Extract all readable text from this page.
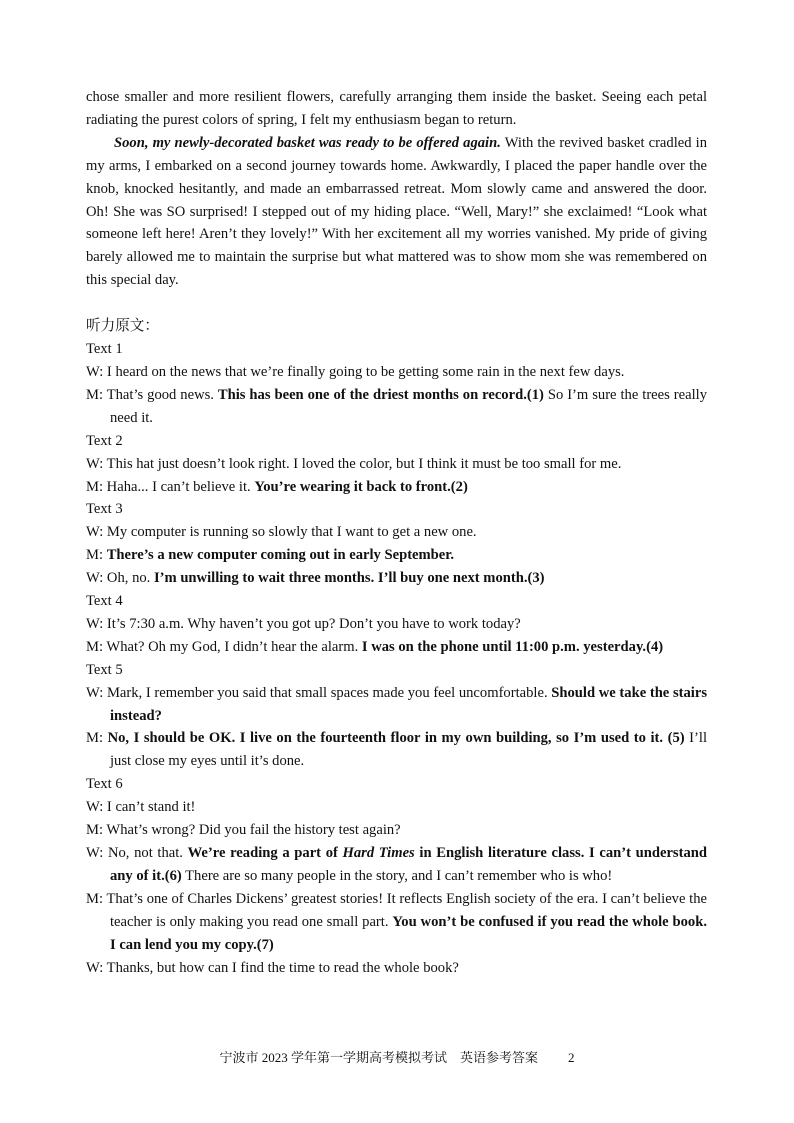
chose smaller and more resilient flowers, carefully arranging them inside the basket. Seeing each petal radiating the purest colors of spring, I felt my enthusiasm began to return.

Soon, my newly-decorated basket was ready to be offered again. With the revived basket cradled in my arms, I embarked on a second journey towards home. Awkwardly, I placed the paper handle over the knob, knocked hesitantly, and made an embarrassed retreat. Mom slowly came and answered the door. Oh! She was SO surprised! I stepped out of my hiding place. “Well, Mary!” she exclaimed! “Look what someone left here! Aren’t they lovely!” With her excitement all my worries vanished. My pride of giving barely allowed me to maintain the surprise but what mattered was to show mom she was remembered on this special day.

听力原文：

Text 1

W: I heard on the news that we’re finally going to be getting some rain in the next few days.

M: That’s good news. This has been one of the driest months on record.(1) So I’m sure the trees really need it.

Text 2

W: This hat just doesn’t look right. I loved the color, but I think it must be too small for me.

M: Haha... I can’t believe it. You’re wearing it back to front.(2)

Text 3

W: My computer is running so slowly that I want to get a new one.

M: There’s a new computer coming out in early September.

W: Oh, no. I’m unwilling to wait three months. I’ll buy one next month.(3)

Text 4

W: It’s 7:30 a.m. Why haven’t you got up? Don’t you have to work today?

M: What? Oh my God, I didn’t hear the alarm. I was on the phone until 11:00 p.m. yesterday.(4)

Text 5

W: Mark, I remember you said that small spaces made you feel uncomfortable. Should we take the stairs instead?

M: No, I should be OK. I live on the fourteenth floor in my own building, so I’m used to it. (5) I’ll just close my eyes until it’s done.

Text 6

W: I can’t stand it!

M: What’s wrong? Did you fail the history test again?

W: No, not that. We’re reading a part of Hard Times in English literature class. I can’t understand any of it.(6) There are so many people in the story, and I can’t remember who is who!

M: That’s one of Charles Dickens’ greatest stories! It reflects English society of the era. I can’t believe the teacher is only making you read one small part. You won’t be confused if you read the whole book. I can lend you my copy.(7)

W: Thanks, but how can I find the time to read the whole book?

宁波市 2023 学年第一学期高考模拟考试　英语参考答案 2
